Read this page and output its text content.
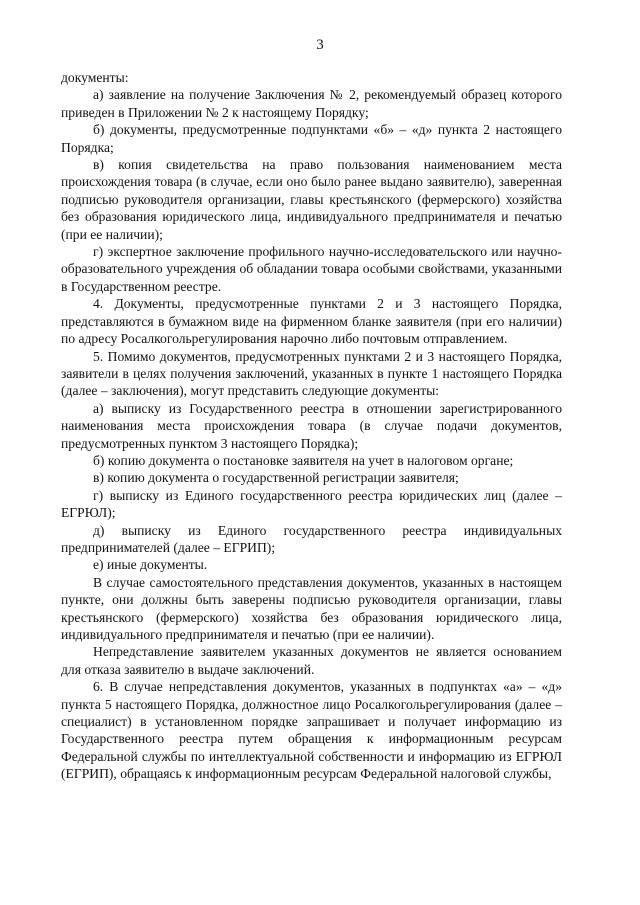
3

документы:

а) заявление на получение Заключения № 2, рекомендуемый образец которого приведен в Приложении № 2 к настоящему Порядку;

б) документы, предусмотренные подпунктами «б» – «д» пункта 2 настоящего Порядка;

в) копия свидетельства на право пользования наименованием места происхождения товара (в случае, если оно было ранее выдано заявителю), заверенная подписью руководителя организации, главы крестьянского (фермерского) хозяйства без образования юридического лица, индивидуального предпринимателя и печатью (при ее наличии);

г) экспертное заключение профильного научно-исследовательского или научно-образовательного учреждения об обладании товара особыми свойствами, указанными в Государственном реестре.

4. Документы, предусмотренные пунктами 2 и 3 настоящего Порядка, представляются в бумажном виде на фирменном бланке заявителя (при его наличии) по адресу Росалкогольрегулирования нарочно либо почтовым отправлением.

5. Помимо документов, предусмотренных пунктами 2 и 3 настоящего Порядка, заявители в целях получения заключений, указанных в пункте 1 настоящего Порядка (далее – заключения), могут представить следующие документы:

а) выписку из Государственного реестра в отношении зарегистрированного наименования места происхождения товара (в случае подачи документов, предусмотренных пунктом 3 настоящего Порядка);

б) копию документа о постановке заявителя на учет в налоговом органе;

в) копию документа о государственной регистрации заявителя;

г) выписку из Единого государственного реестра юридических лиц (далее – ЕГРЮЛ);

д) выписку из Единого государственного реестра индивидуальных предпринимателей (далее – ЕГРИП);

е) иные документы.

В случае самостоятельного представления документов, указанных в настоящем пункте, они должны быть заверены подписью руководителя организации, главы крестьянского (фермерского) хозяйства без образования юридического лица, индивидуального предпринимателя и печатью (при ее наличии).

Непредставление заявителем указанных документов не является основанием для отказа заявителю в выдаче заключений.

6. В случае непредставления документов, указанных в подпунктах «а» – «д» пункта 5 настоящего Порядка, должностное лицо Росалкогольрегулирования (далее – специалист) в установленном порядке запрашивает и получает информацию из Государственного реестра путем обращения к информационным ресурсам Федеральной службы по интеллектуальной собственности и информацию из ЕГРЮЛ (ЕГРИП), обращаясь к информационным ресурсам Федеральной налоговой службы,
